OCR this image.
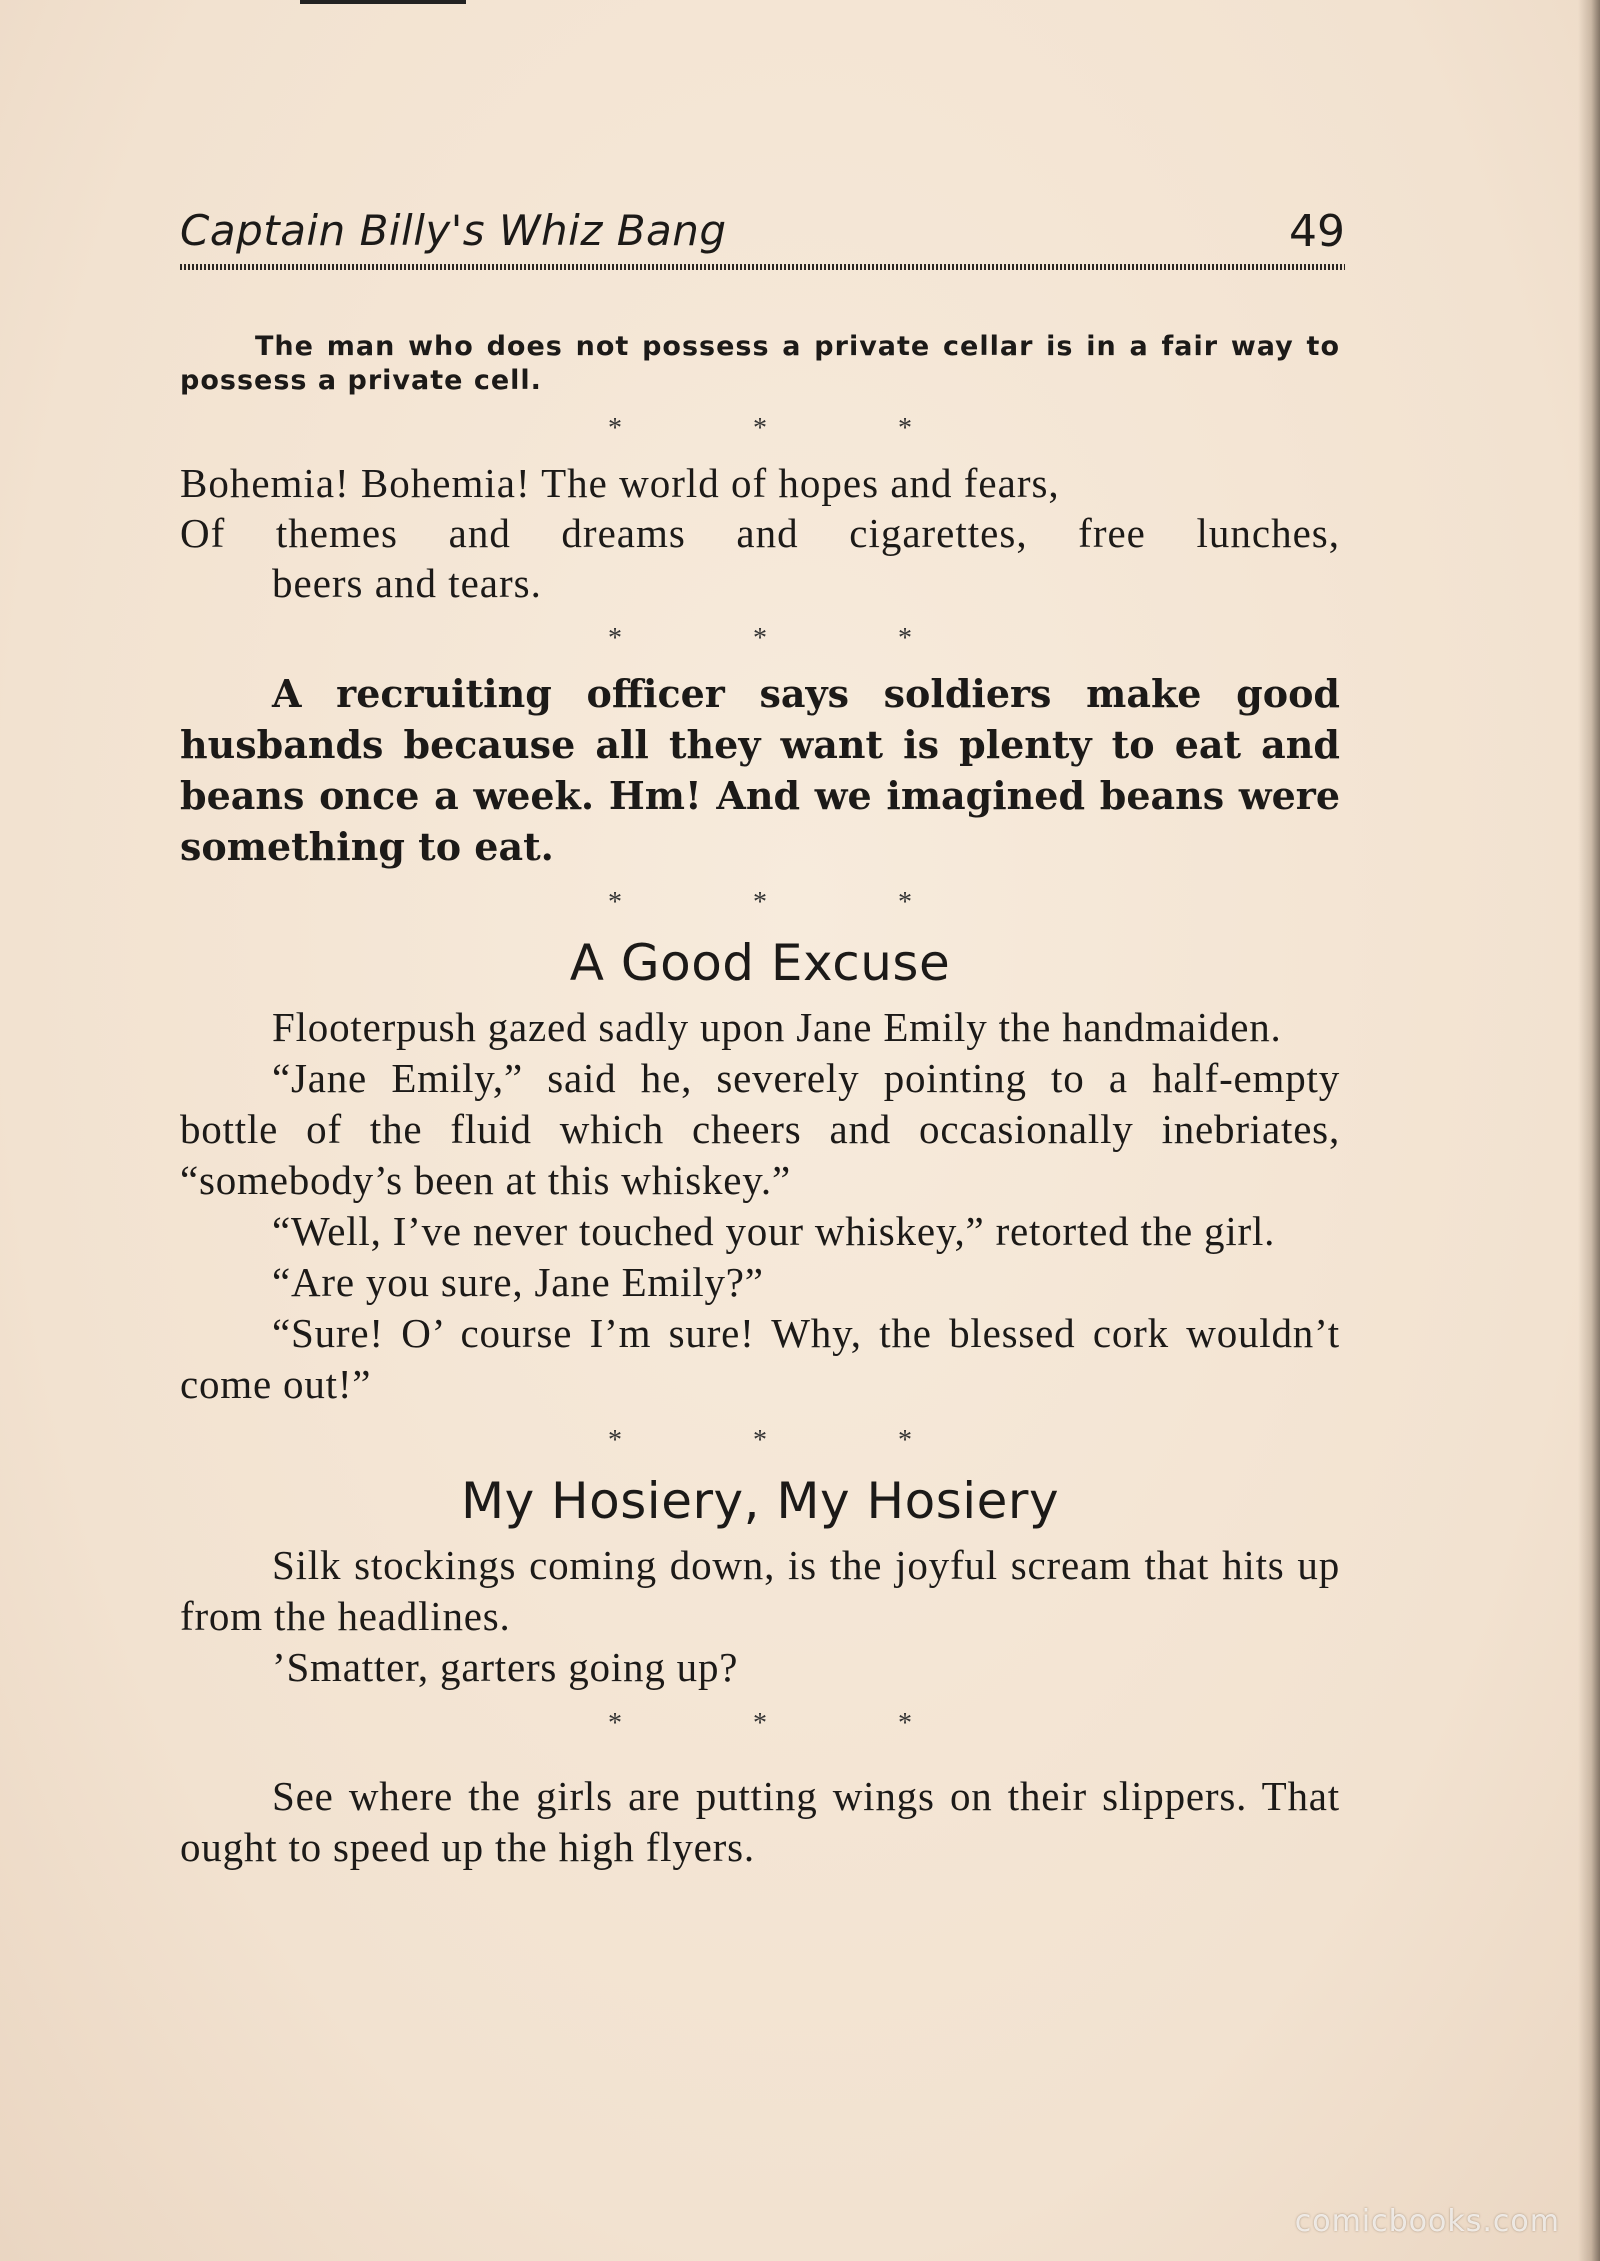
Captain Billy's Whiz Bang	49

The man who does not possess a private cellar is in a fair way to possess a private cell.

* * *

Bohemia! Bohemia! The world of hopes and fears,

Of themes and dreams and cigarettes, free lunches,

beers and tears.

* * *

A recruiting officer says soldiers make good husbands because all they want is plenty to eat and beans once a week. Hm! And we imagined beans were something to eat.

* * *
A Good Excuse

Flooterpush gazed sadly upon Jane Emily the handmaiden.

“Jane Emily,” said he, severely pointing to a half-empty bottle of the fluid which cheers and occasionally inebriates, “somebody’s been at this whiskey.”

“Well, I’ve never touched your whiskey,” retorted the girl.

“Are you sure, Jane Emily?”

“Sure! O’ course I’m sure! Why, the blessed cork wouldn’t come out!”

* * *
My Hosiery, My Hosiery

Silk stockings coming down, is the joyful scream that hits up from the headlines.

’Smatter, garters going up?

* * *

See where the girls are putting wings on their slippers. That ought to speed up the high flyers.

comicbooks.com
